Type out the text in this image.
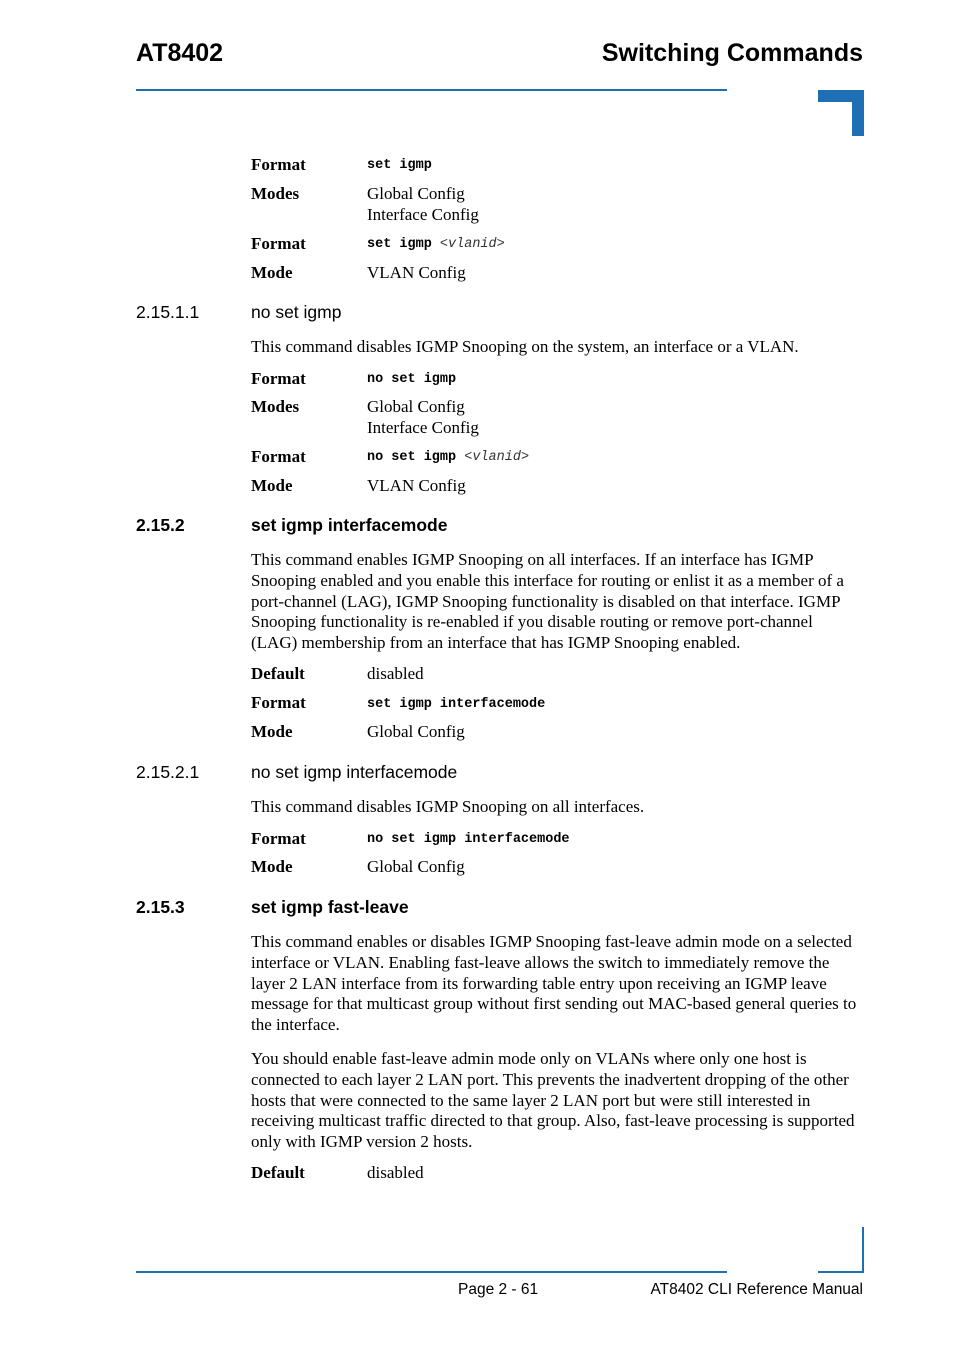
AT8402	Switching Commands
Format	set igmp
Modes	Global Config
Interface Config
Format	set igmp <vlanid>
Mode	VLAN Config
2.15.1.1	no set igmp
This command disables IGMP Snooping on the system, an interface or a VLAN.
Format	no set igmp
Modes	Global Config
Interface Config
Format	no set igmp <vlanid>
Mode	VLAN Config
2.15.2	set igmp interfacemode
This command enables IGMP Snooping on all interfaces. If an interface has IGMP Snooping enabled and you enable this interface for routing or enlist it as a member of a port-channel (LAG), IGMP Snooping functionality is disabled on that interface. IGMP Snooping functionality is re-enabled if you disable routing or remove port-channel (LAG) membership from an interface that has IGMP Snooping enabled.
Default	disabled
Format	set igmp interfacemode
Mode	Global Config
2.15.2.1	no set igmp interfacemode
This command disables IGMP Snooping on all interfaces.
Format	no set igmp interfacemode
Mode	Global Config
2.15.3	set igmp fast-leave
This command enables or disables IGMP Snooping fast-leave admin mode on a selected interface or VLAN. Enabling fast-leave allows the switch to immediately remove the layer 2 LAN interface from its forwarding table entry upon receiving an IGMP leave message for that multicast group without first sending out MAC-based general queries to the interface.
You should enable fast-leave admin mode only on VLANs where only one host is connected to each layer 2 LAN port. This prevents the inadvertent dropping of the other hosts that were connected to the same layer 2 LAN port but were still interested in receiving multicast traffic directed to that group. Also, fast-leave processing is supported only with IGMP version 2 hosts.
Default	disabled
Page 2 - 61	AT8402 CLI Reference Manual
